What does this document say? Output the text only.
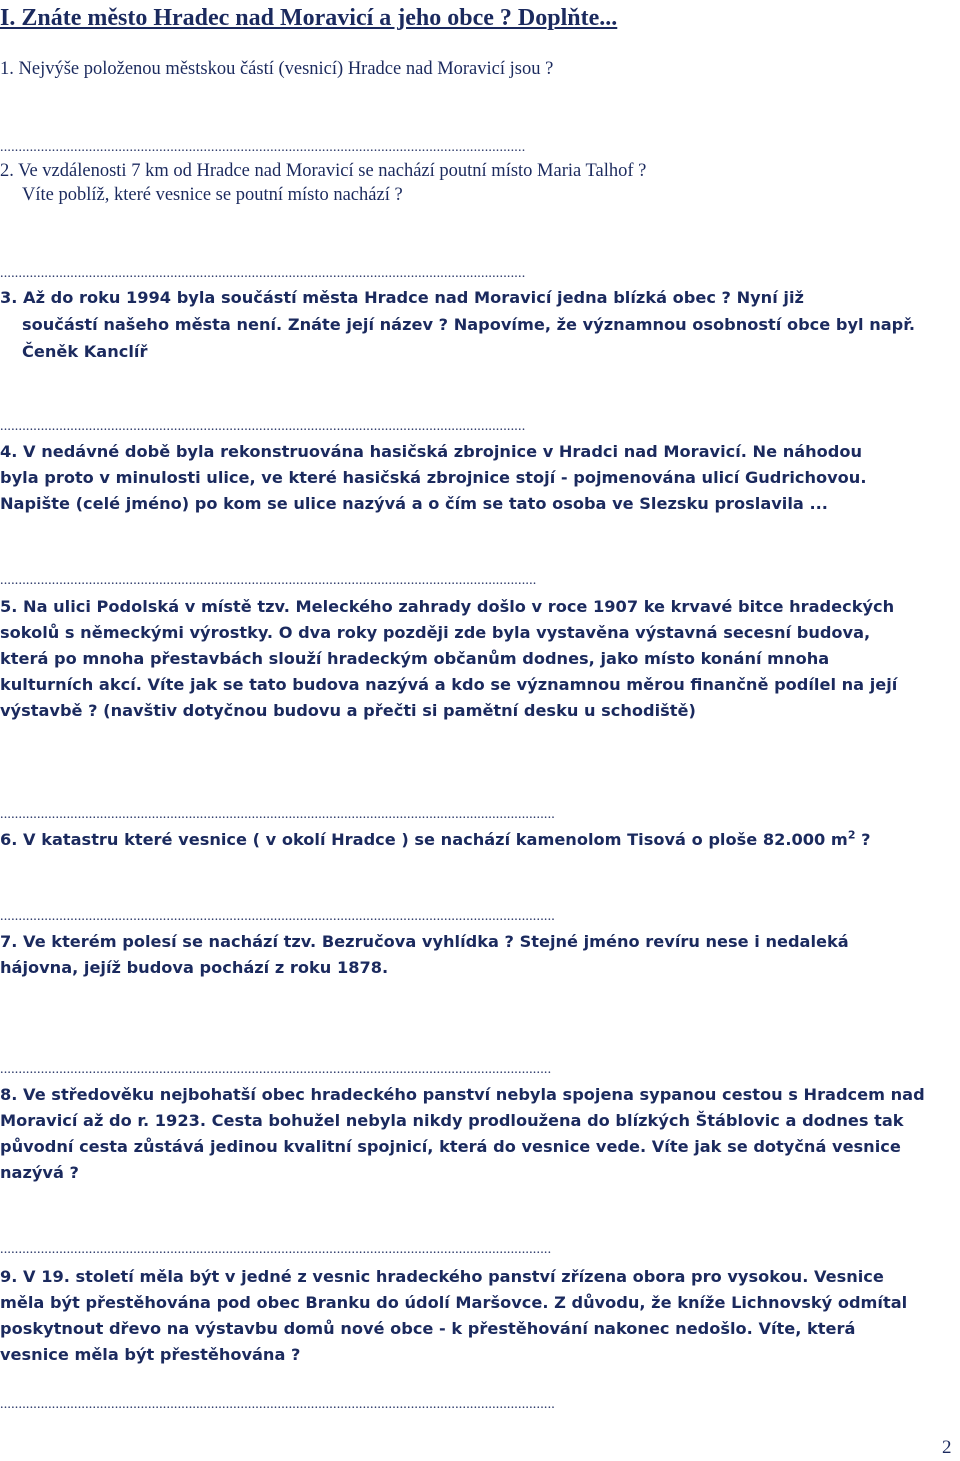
I. Znáte město Hradec nad Moravicí a jeho obce ? Doplňte...
1. Nejvýše položenou městskou částí (vesnicí) Hradce nad Moravicí jsou ?
..............................................................................................................................................
2. Ve vzdálenosti 7 km od Hradce nad Moravicí se nachází poutní místo Maria Talhof ?
Víte poblíž, které vesnice se poutní místo nachází ?
..............................................................................................................................................
3. Až do roku 1994 byla součástí města Hradce nad Moravicí jedna blízká obec ? Nyní již
součástí našeho města není. Znáte její název ? Napovíme, že významnou osobností obce byl např.
Čeněk Kanclíř
..............................................................................................................................................
4. V nedávné době byla rekonstruována hasičská zbrojnice v Hradci nad Moravicí. Ne náhodou
byla proto v minulosti ulice, ve které hasičská zbrojnice stojí - pojmenována ulicí Gudrichovou.
Napište (celé jméno) po kom se ulice nazývá a o čím se tato osoba ve Slezsku proslavila ...
.................................................................................................................................................
5. Na ulici Podolská v místě tzv. Meleckého zahrady došlo v roce 1907 ke krvavé bitce hradeckých
sokolů s německými výrostky. O dva roky později zde byla vystavěna výstavná secesní budova,
která po mnoha přestavbách slouží hradeckým občanům dodnes, jako místo konání mnoha
kulturních akcí. Víte jak se tato budova nazývá a kdo se významnou měrou finančně podílel na její
výstavbě ? (navštiv dotyčnou budovu a přečti si pamětní desku u schodiště)
......................................................................................................................................................
6. V katastru které vesnice ( v okolí Hradce ) se nachází kamenolom Tisová o ploše 82.000 $m^2$ ?
......................................................................................................................................................
7. Ve kterém polesí se nachází tzv. Bezručova vyhlídka ? Stejné jméno revíru nese i nedaleká
hájovna, jejíž budova pochází z roku 1878.
.....................................................................................................................................................
8. Ve středověku nejbohatší obec hradeckého panství nebyla spojena sypanou cestou s Hradcem nad
Moravicí až do r. 1923. Cesta bohužel nebyla nikdy prodloužena do blízkých Štáblovic a dodnes tak
původní cesta zůstává jedinou kvalitní spojnicí, která do vesnice vede. Víte jak se dotyčná vesnice
nazývá ?
.....................................................................................................................................................
9. V 19. století měla být v jedné z vesnic hradeckého panství zřízena obora pro vysokou. Vesnice
měla být přestěhována pod obec Branku do údolí Maršovce. Z důvodu, že kníže Lichnovský odmítal
poskytnout dřevo na výstavbu domů nové obce - k přestěhování nakonec nedošlo. Víte, která
vesnice měla být přestěhována ?
......................................................................................................................................................
2
